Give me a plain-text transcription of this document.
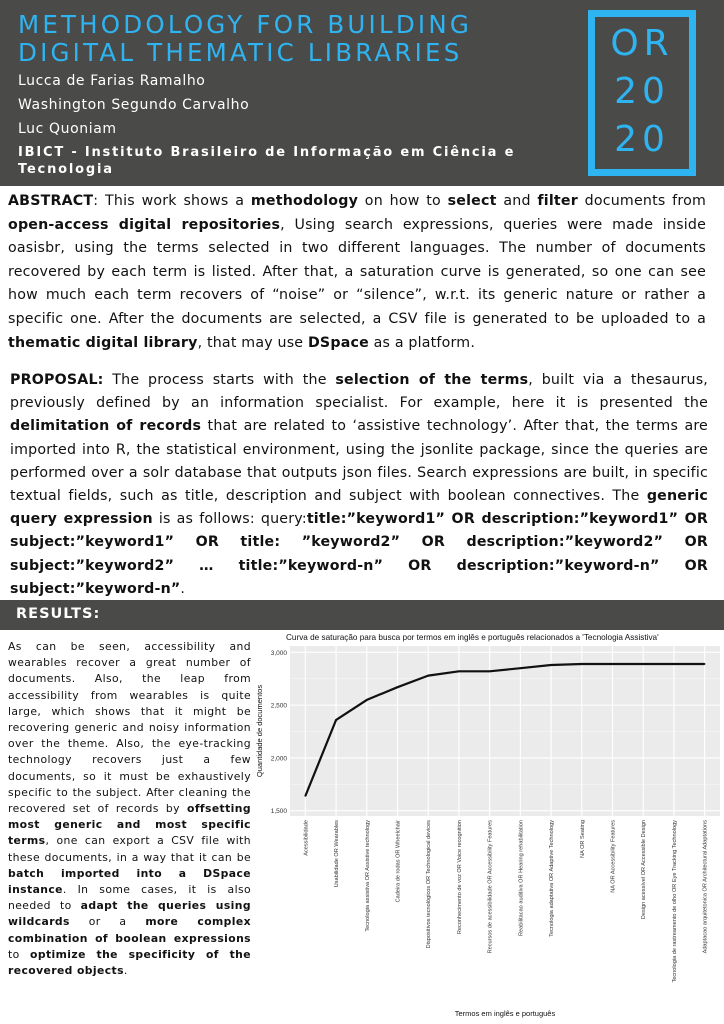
METHODOLOGY FOR BUILDING
DIGITAL THEMATIC LIBRARIES
Lucca de Farias Ramalho
Washington Segundo Carvalho
Luc Quoniam
IBICT - Instituto Brasileiro de Informação em Ciência e Tecnologia
OR
20
20
ABSTRACT: This work shows a methodology on how to select and filter documents from open-access digital repositories, Using search expressions, queries were made inside oasisbr, using the terms selected in two different languages. The number of documents recovered by each term is listed. After that, a saturation curve is generated, so one can see how much each term recovers of “noise” or “silence”, w.r.t. its generic nature or rather a specific one. After the documents are selected, a CSV file is generated to be uploaded to a thematic digital library, that may use DSpace as a platform.
PROPOSAL: The process starts with the selection of the terms, built via a thesaurus, previously defined by an information specialist. For example, here it is presented the delimitation of records that are related to ‘assistive technology’. After that, the terms are imported into R, the statistical environment, using the jsonlite package, since the queries are performed over a solr database that outputs json files. Search expressions are built, in specific textual fields, such as title, description and subject with boolean connectives. The generic query expression is as follows: query:title:”keyword1” OR description:”keyword1” OR subject:”keyword1” OR title: ”keyword2” OR description:”keyword2” OR subject:”keyword2” … title:”keyword-n” OR description:”keyword-n” OR subject:”keyword-n”.
RESULTS:
As can be seen, accessibility and wearables recover a great number of documents. Also, the leap from accessibility from wearables is quite large, which shows that it might be recovering generic and noisy information over the theme. Also, the eye-tracking technology recovers just a few documents, so it must be exhaustively specific to the subject. After cleaning the recovered set of records by offsetting most generic and most specific terms, one can export a CSV file with these documents, in a way that it can be batch imported into a DSpace instance. In some cases, it is also needed to adapt the queries using wildcards or a more complex combination of boolean expressions to optimize the specificity of the recovered objects.
Curva de saturação para busca por termos em inglês e português relacionados a 'Tecnologia Assistiva'
1,500
2,000
2,500
3,000
Acessibilidade	Usabilidade OR Wearables	Tecnologia assistiva OR Assistive technology	Cadeira de rodas OR Wheelchair	Dispositivos tecnológicos OR Technological devices	Reconhecimento de voz OR Voice recognition	Recursos de acessibilidade OR Accessibility Features	Reabilitacao auditiva OR Hearing rehabilitation	Tecnologia adaptativa OR Adaptive Technology	NA OR Seating	NA OR Accessibility Features	Design acessível OR Accessible Design	Tecnologia de rastreamento de olho OR Eye Tracking Technology	Adaptacao arquitetonica OR Architectural Adaptations
Quantidade de documentos
Termos em inglês e português
